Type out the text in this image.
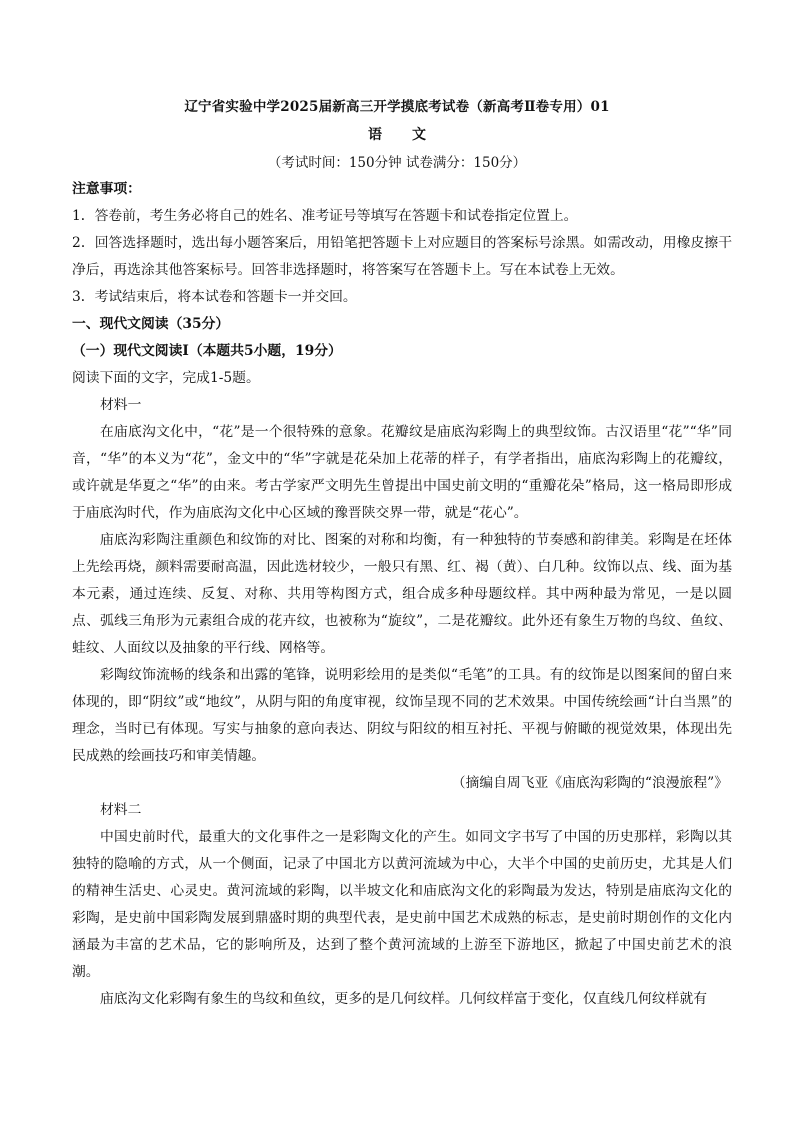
辽宁省实验中学2025届新高三开学摸底考试卷（新高考Ⅱ卷专用）01
语文
（考试时间：150分钟 试卷满分：150分）

注意事项：

1．答卷前，考生务必将自己的姓名、准考证号等填写在答题卡和试卷指定位置上。

2．回答选择题时，选出每小题答案后，用铅笔把答题卡上对应题目的答案标号涂黑。如需改动，用橡皮擦干净后，再选涂其他答案标号。回答非选择题时，将答案写在答题卡上。写在本试卷上无效。

3．考试结束后，将本试卷和答题卡一并交回。

一、现代文阅读（35分）

（一）现代文阅读Ⅰ（本题共5小题，19分）

阅读下面的文字，完成1-5题。

材料一

在庙底沟文化中，“花”是一个很特殊的意象。花瓣纹是庙底沟彩陶上的典型纹饰。古汉语里“花”“华”同音，“华”的本义为“花”，金文中的“华”字就是花朵加上花蒂的样子，有学者指出，庙底沟彩陶上的花瓣纹，或许就是华夏之“华”的由来。考古学家严文明先生曾提出中国史前文明的“重瓣花朵”格局，这一格局即形成于庙底沟时代，作为庙底沟文化中心区域的豫晋陕交界一带，就是“花心”。

庙底沟彩陶注重颜色和纹饰的对比、图案的对称和均衡，有一种独特的节奏感和韵律美。彩陶是在坯体上先绘再烧，颜料需要耐高温，因此选材较少，一般只有黑、红、褐（黄）、白几种。纹饰以点、线、面为基本元素，通过连续、反复、对称、共用等构图方式，组合成多种母题纹样。其中两种最为常见，一是以圆点、弧线三角形为元素组合成的花卉纹，也被称为“旋纹”，二是花瓣纹。此外还有象生万物的鸟纹、鱼纹、蛙纹、人面纹以及抽象的平行线、网格等。

彩陶纹饰流畅的线条和出露的笔锋，说明彩绘用的是类似“毛笔”的工具。有的纹饰是以图案间的留白来体现的，即“阴纹”或“地纹”，从阴与阳的角度审视，纹饰呈现不同的艺术效果。中国传统绘画“计白当黑”的理念，当时已有体现。写实与抽象的意向表达、阴纹与阳纹的相互衬托、平视与俯瞰的视觉效果，体现出先民成熟的绘画技巧和审美情趣。

（摘编自周飞亚《庙底沟彩陶的“浪漫旅程”》

材料二

中国史前时代，最重大的文化事件之一是彩陶文化的产生。如同文字书写了中国的历史那样，彩陶以其独特的隐喻的方式，从一个侧面，记录了中国北方以黄河流域为中心，大半个中国的史前历史，尤其是人们的精神生活史、心灵史。黄河流域的彩陶，以半坡文化和庙底沟文化的彩陶最为发达，特别是庙底沟文化的彩陶，是史前中国彩陶发展到鼎盛时期的典型代表，是史前中国艺术成熟的标志，是史前时期创作的文化内涵最为丰富的艺术品，它的影响所及，达到了整个黄河流域的上游至下游地区，掀起了中国史前艺术的浪潮。

庙底沟文化彩陶有象生的鸟纹和鱼纹，更多的是几何纹样。几何纹样富于变化，仅直线几何纹样就有
